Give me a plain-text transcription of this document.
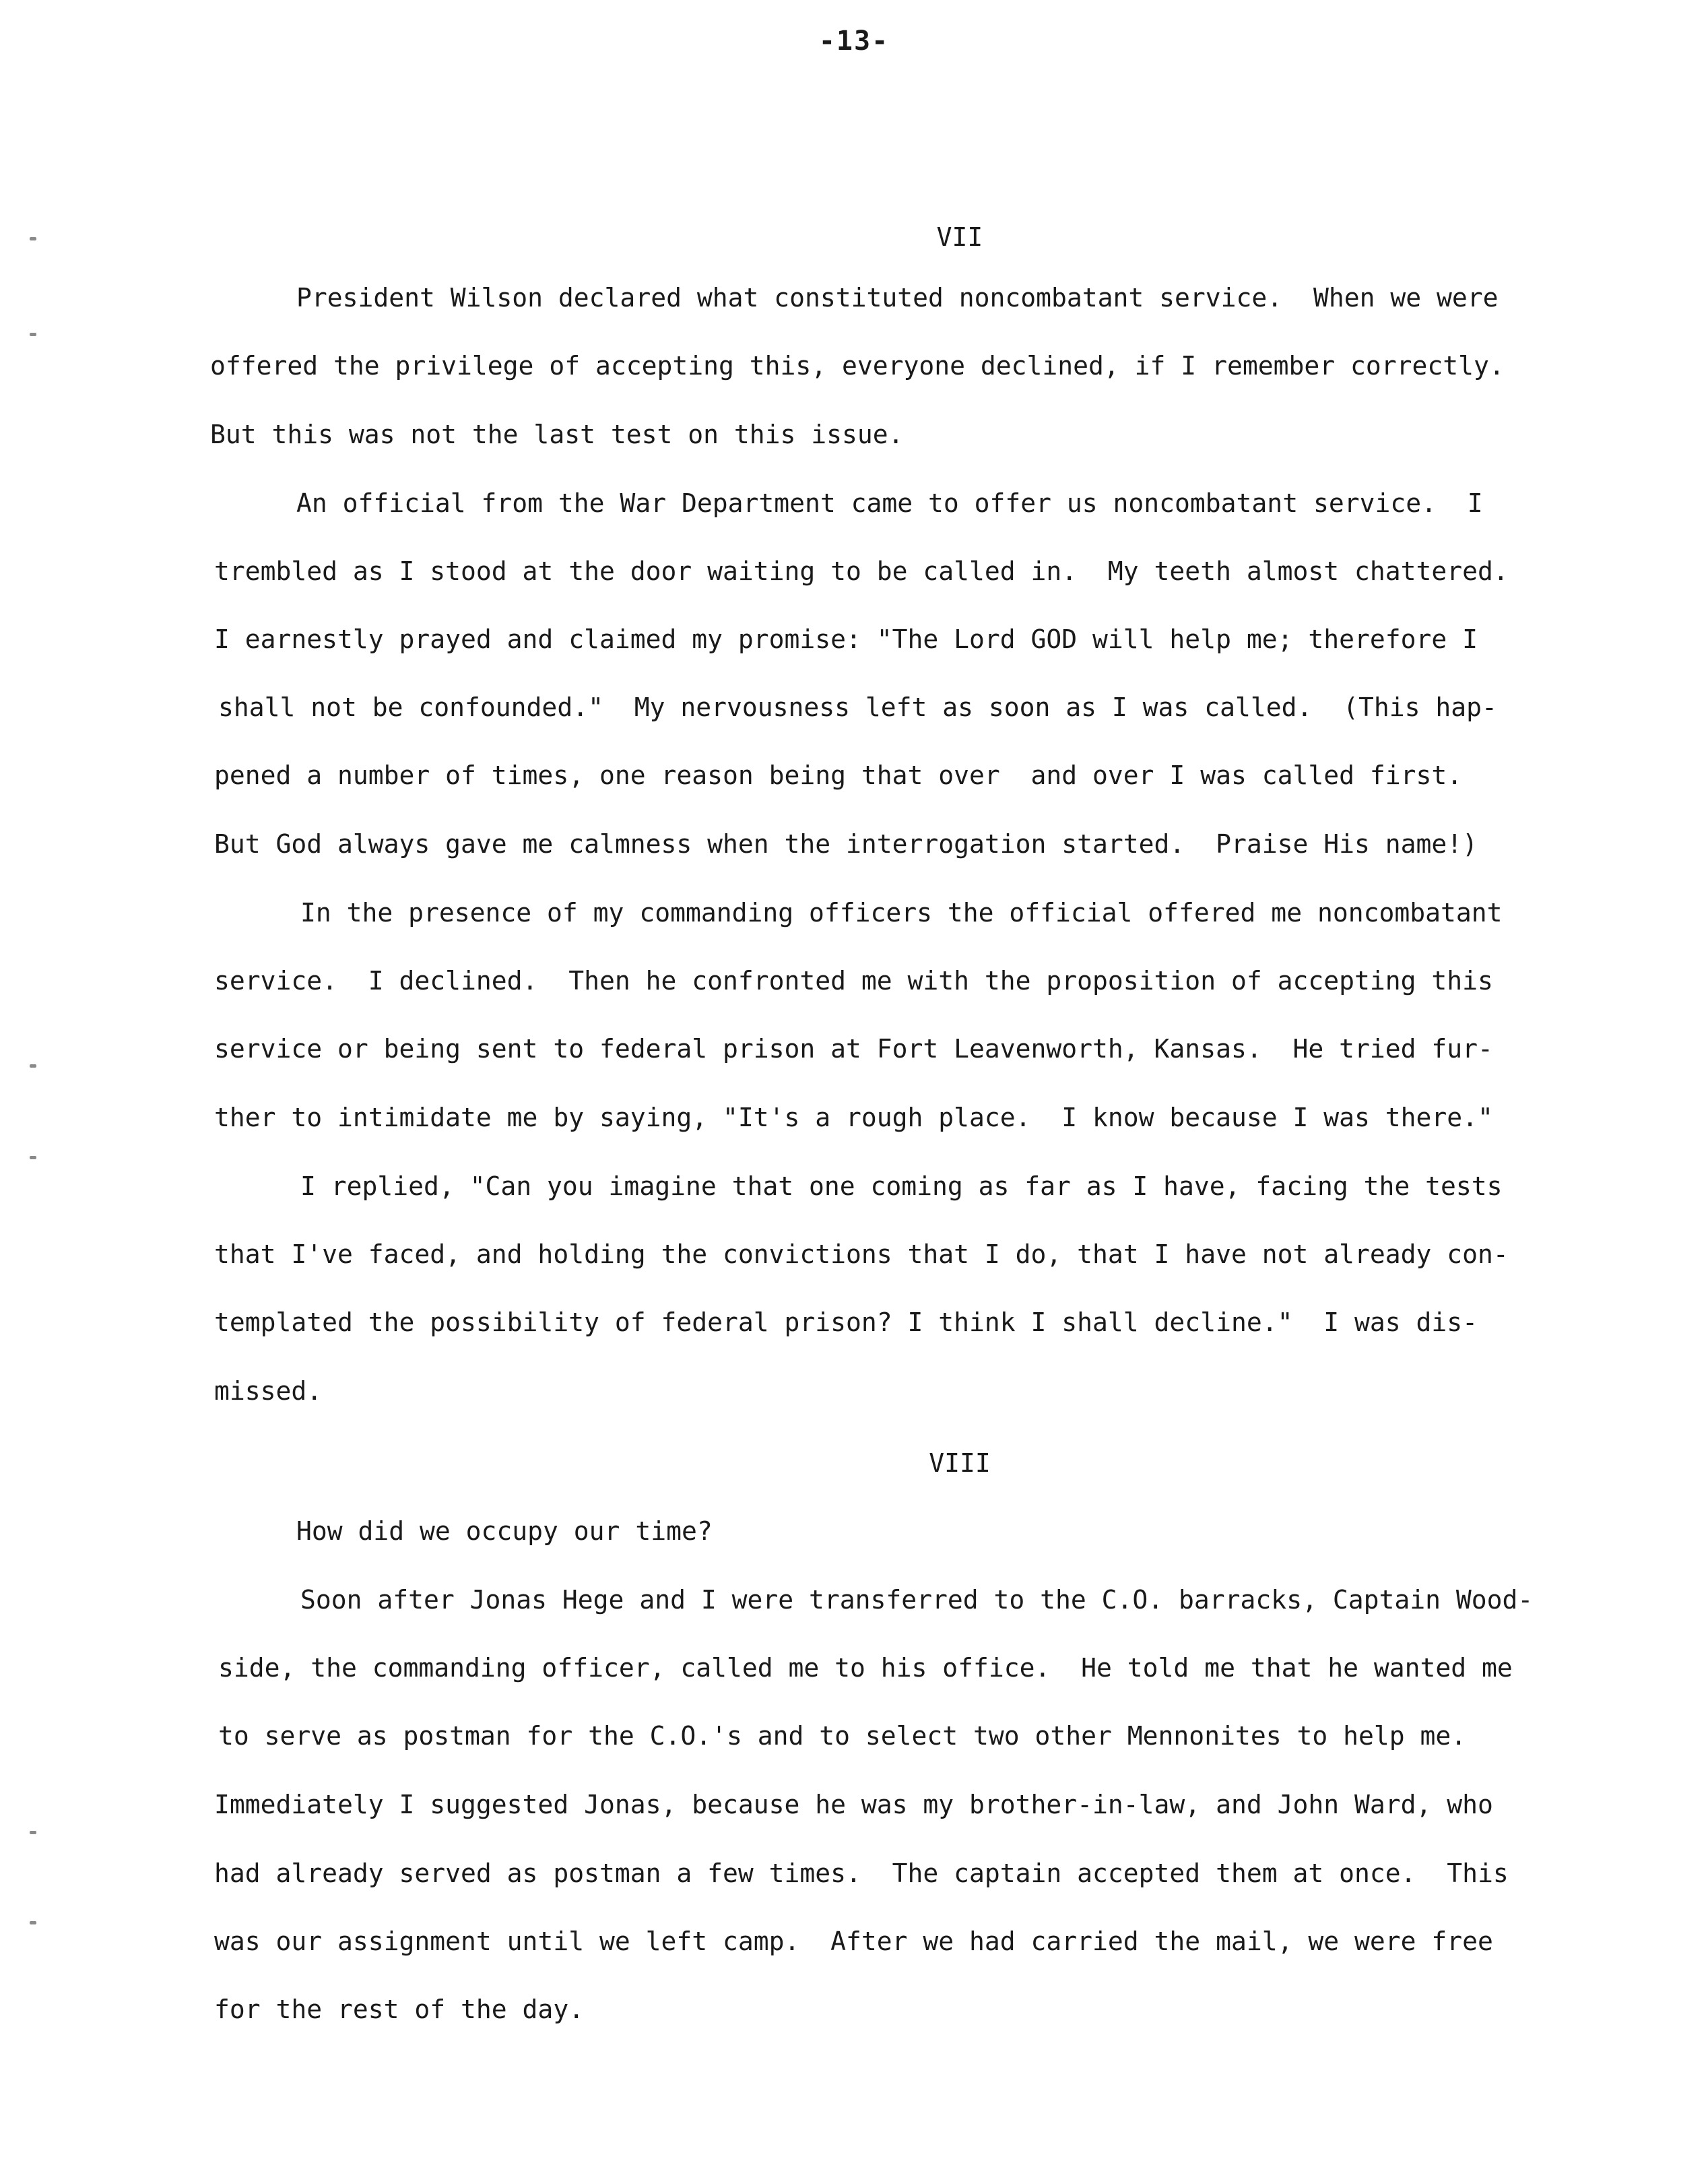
-13-
VII
President Wilson declared what constituted noncombatant service.  When we were
offered the privilege of accepting this, everyone declined, if I remember correctly.
But this was not the last test on this issue.
An official from the War Department came to offer us noncombatant service.  I
trembled as I stood at the door waiting to be called in.  My teeth almost chattered.
I earnestly prayed and claimed my promise: "The Lord GOD will help me; therefore I
shall not be confounded."  My nervousness left as soon as I was called.  (This hap-
pened a number of times, one reason being that over  and over I was called first.
But God always gave me calmness when the interrogation started.  Praise His name!)
In the presence of my commanding officers the official offered me noncombatant
service.  I declined.  Then he confronted me with the proposition of accepting this
service or being sent to federal prison at Fort Leavenworth, Kansas.  He tried fur-
ther to intimidate me by saying, "It's a rough place.  I know because I was there."
I replied, "Can you imagine that one coming as far as I have, facing the tests
that I've faced, and holding the convictions that I do, that I have not already con-
templated the possibility of federal prison? I think I shall decline."  I was dis-
missed.
VIII
How did we occupy our time?
Soon after Jonas Hege and I were transferred to the C.O. barracks, Captain Wood-
side, the commanding officer, called me to his office.  He told me that he wanted me
to serve as postman for the C.O.'s and to select two other Mennonites to help me.
Immediately I suggested Jonas, because he was my brother-in-law, and John Ward, who
had already served as postman a few times.  The captain accepted them at once.  This
was our assignment until we left camp.  After we had carried the mail, we were free
for the rest of the day.
